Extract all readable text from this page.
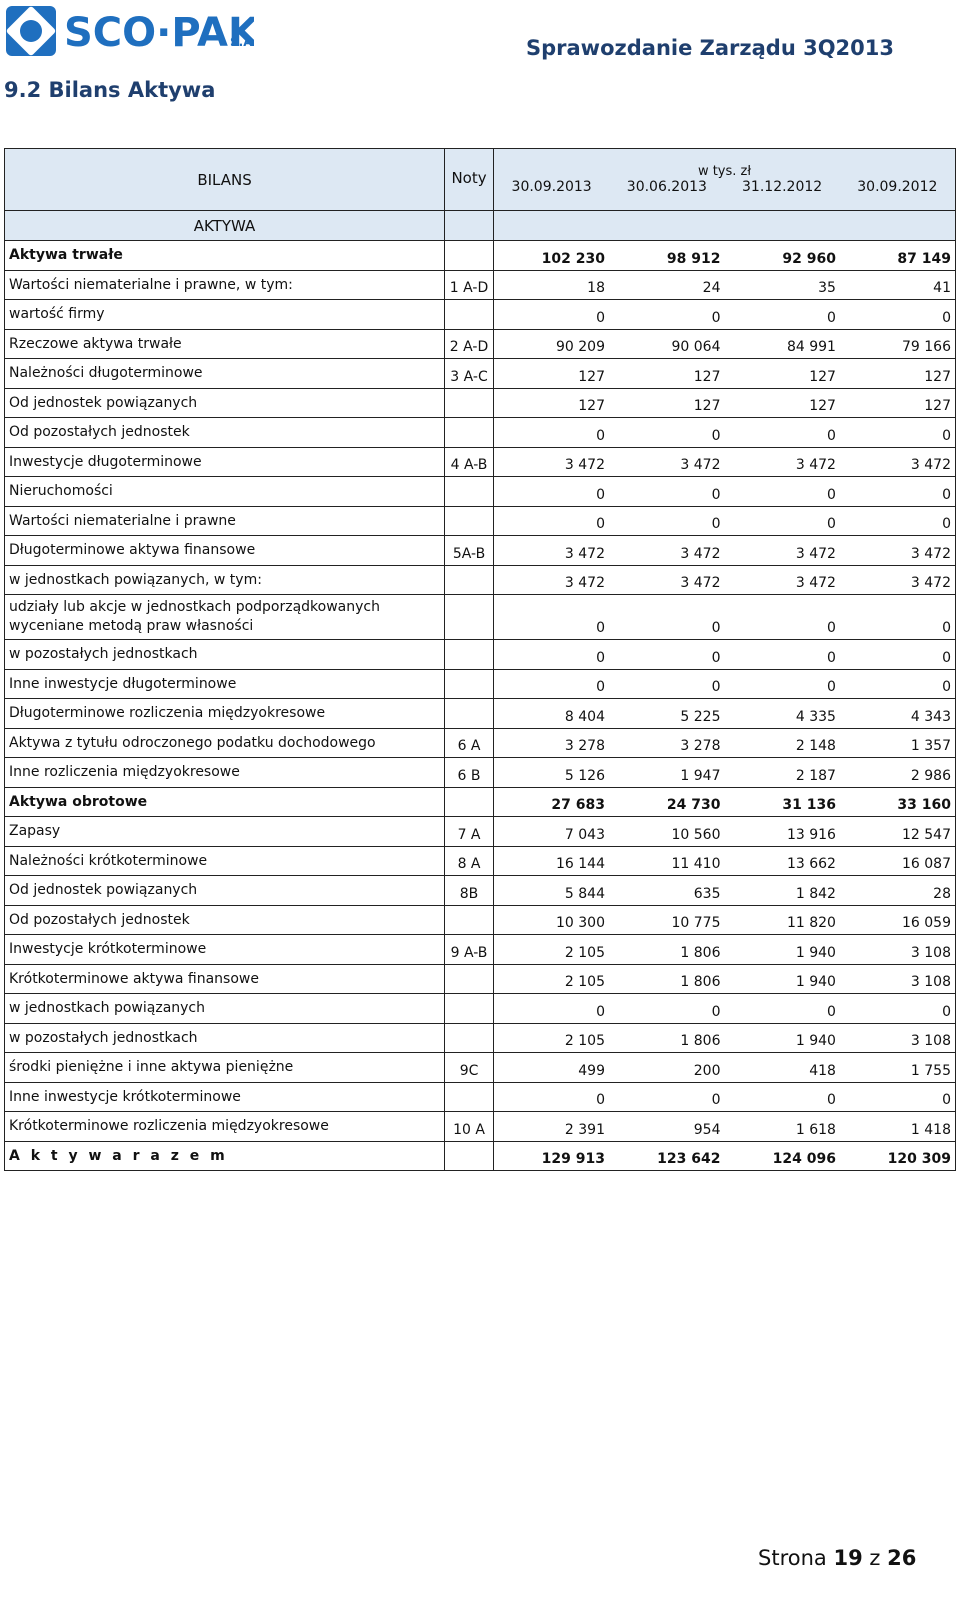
SCO·PAK
S.A	Sprawozdanie Zarządu 3Q2013
9.2 Bilans Aktywa
BILANS	Noty	w tys. zł
30.09.2013 30.06.2013 31.12.2012 30.09.2012			

AKTYWA					
Aktywa trwałe		102 230	98 912	92 960	87 149
Wartości niematerialne i prawne, w tym:	1 A-D	18	24	35	41
wartość firmy		0	0	0	0
Rzeczowe aktywa trwałe	2 A-D	90 209	90 064	84 991	79 166
Należności długoterminowe	3 A-C	127	127	127	127
Od jednostek powiązanych		127	127	127	127
Od pozostałych jednostek		0	0	0	0
Inwestycje długoterminowe	4 A-B	3 472	3 472	3 472	3 472
Nieruchomości		0	0	0	0
Wartości niematerialne i prawne		0	0	0	0
Długoterminowe aktywa finansowe	5A-B	3 472	3 472	3 472	3 472
w jednostkach powiązanych, w tym:		3 472	3 472	3 472	3 472
udziały lub akcje w jednostkach podporządkowanych wyceniane metodą praw własności		0	0	0	0
w pozostałych jednostkach		0	0	0	0
Inne inwestycje długoterminowe		0	0	0	0
Długoterminowe rozliczenia międzyokresowe		8 404	5 225	4 335	4 343
Aktywa z tytułu odroczonego podatku dochodowego	6 A	3 278	3 278	2 148	1 357
Inne rozliczenia międzyokresowe	6 B	5 126	1 947	2 187	2 986
Aktywa obrotowe		27 683	24 730	31 136	33 160
Zapasy	7 A	7 043	10 560	13 916	12 547
Należności krótkoterminowe	8 A	16 144	11 410	13 662	16 087
Od jednostek powiązanych	8B	5 844	635	1 842	28
Od pozostałych jednostek		10 300	10 775	11 820	16 059
Inwestycje krótkoterminowe	9 A-B	2 105	1 806	1 940	3 108
Krótkoterminowe aktywa finansowe		2 105	1 806	1 940	3 108
w jednostkach powiązanych		0	0	0	0
w pozostałych jednostkach		2 105	1 806	1 940	3 108
środki pieniężne i inne aktywa pieniężne	9C	499	200	418	1 755
Inne inwestycje krótkoterminowe		0	0	0	0
Krótkoterminowe rozliczenia międzyokresowe	10 A	2 391	954	1 618	1 418
A k t y w a r a z e m		129 913	123 642	124 096	120 309
Strona 19 z 26
